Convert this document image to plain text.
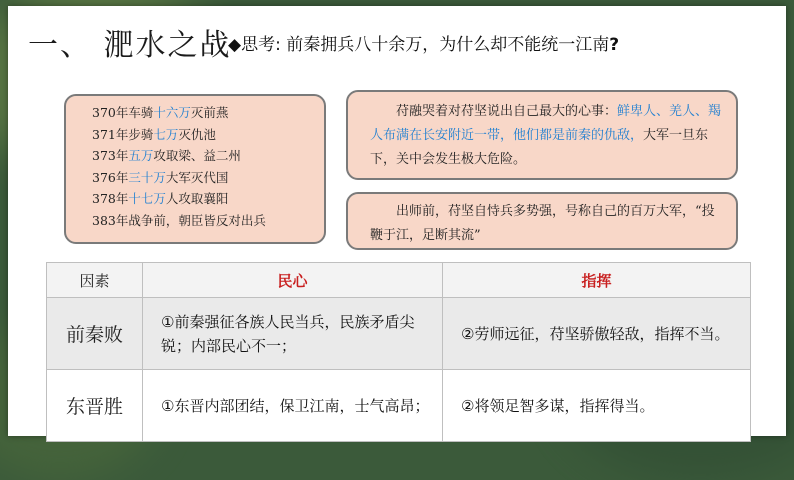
一、 淝水之战
◆思考: 前秦拥兵八十余万，为什么却不能统一江南?
370年车骑十六万灭前燕
371年步骑七万灭仇池
373年五万攻取梁、益二州
376年三十万大军灭代国
378年十七万人攻取襄阳
383年战争前，朝臣皆反对出兵
苻融哭着对苻坚说出自己最大的心事：鲜卑人、羌人、羯人布满在长安附近一带，他们都是前秦的仇敌，大军一旦东下，关中会发生极大危险。
出师前，苻坚自恃兵多势强，号称自己的百万大军，“投鞭于江，足断其流”
因素	民心	指挥
前秦败	①前秦强征各族人民当兵，民族矛盾尖锐；内部民心不一；	②劳师远征，苻坚骄傲轻敌，指挥不当。
东晋胜	①东晋内部团结，保卫江南，士气高昂；	②将领足智多谋，指挥得当。
